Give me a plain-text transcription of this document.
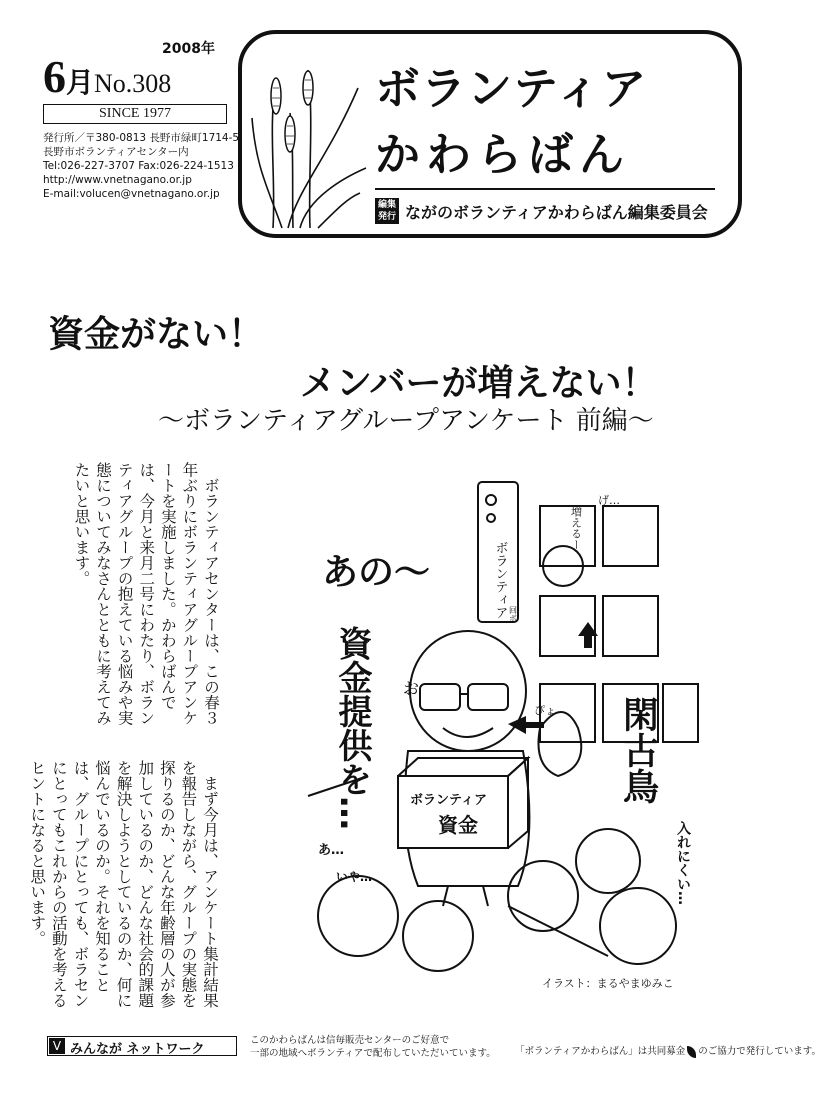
2008年
6月No.308
SINCE 1977
発行所／〒380-0813 長野市緑町1714-5
長野市ボランティアセンター内
Tel:026-227-3707 Fax:026-224-1513
http://www.vnetnagano.or.jp
E-mail:volucen@vnetnagano.or.jp
ボランティア
かわらばん
編集発行 ながのボランティアかわらばん編集委員会
資金がない！
メンバーが増えない！
～ボランティアグループアンケート 前編～
　ボランティアセンターは、この春３年ぶりにボランティアグループアンケートを実施しました。かわらばんでは、今月と来月二号にわたり、ボランティアグループの抱えている悩みや実態についてみなさんとともに考えてみたいと思います。
　まず今月は、アンケート集計結果を報告しながら、グループの実態を探りるのか、どんな年齢層の人が参加しているのか、どんな社会的課題を解決しようとしているのか、何に悩んでいるのか。それを知ることは、グループにとっても、ボラセンにとってもこれからの活動を考えるヒントになると思います。
ボランティア 回ボ
あの～
お
資金提供を…	ボランティア
資金
閑古鳥
ぴょ
増えるー
げ…
あ…
いや…	入れにくい…
イラスト：まるやまゆみこ
V みんなが ネットワーク
このかわらばんは信毎販売センターのご好意で
一部の地域へボランティアで配布していただいています。 「ボランティアかわらばん」は共同募金 のご協力で発行しています。
